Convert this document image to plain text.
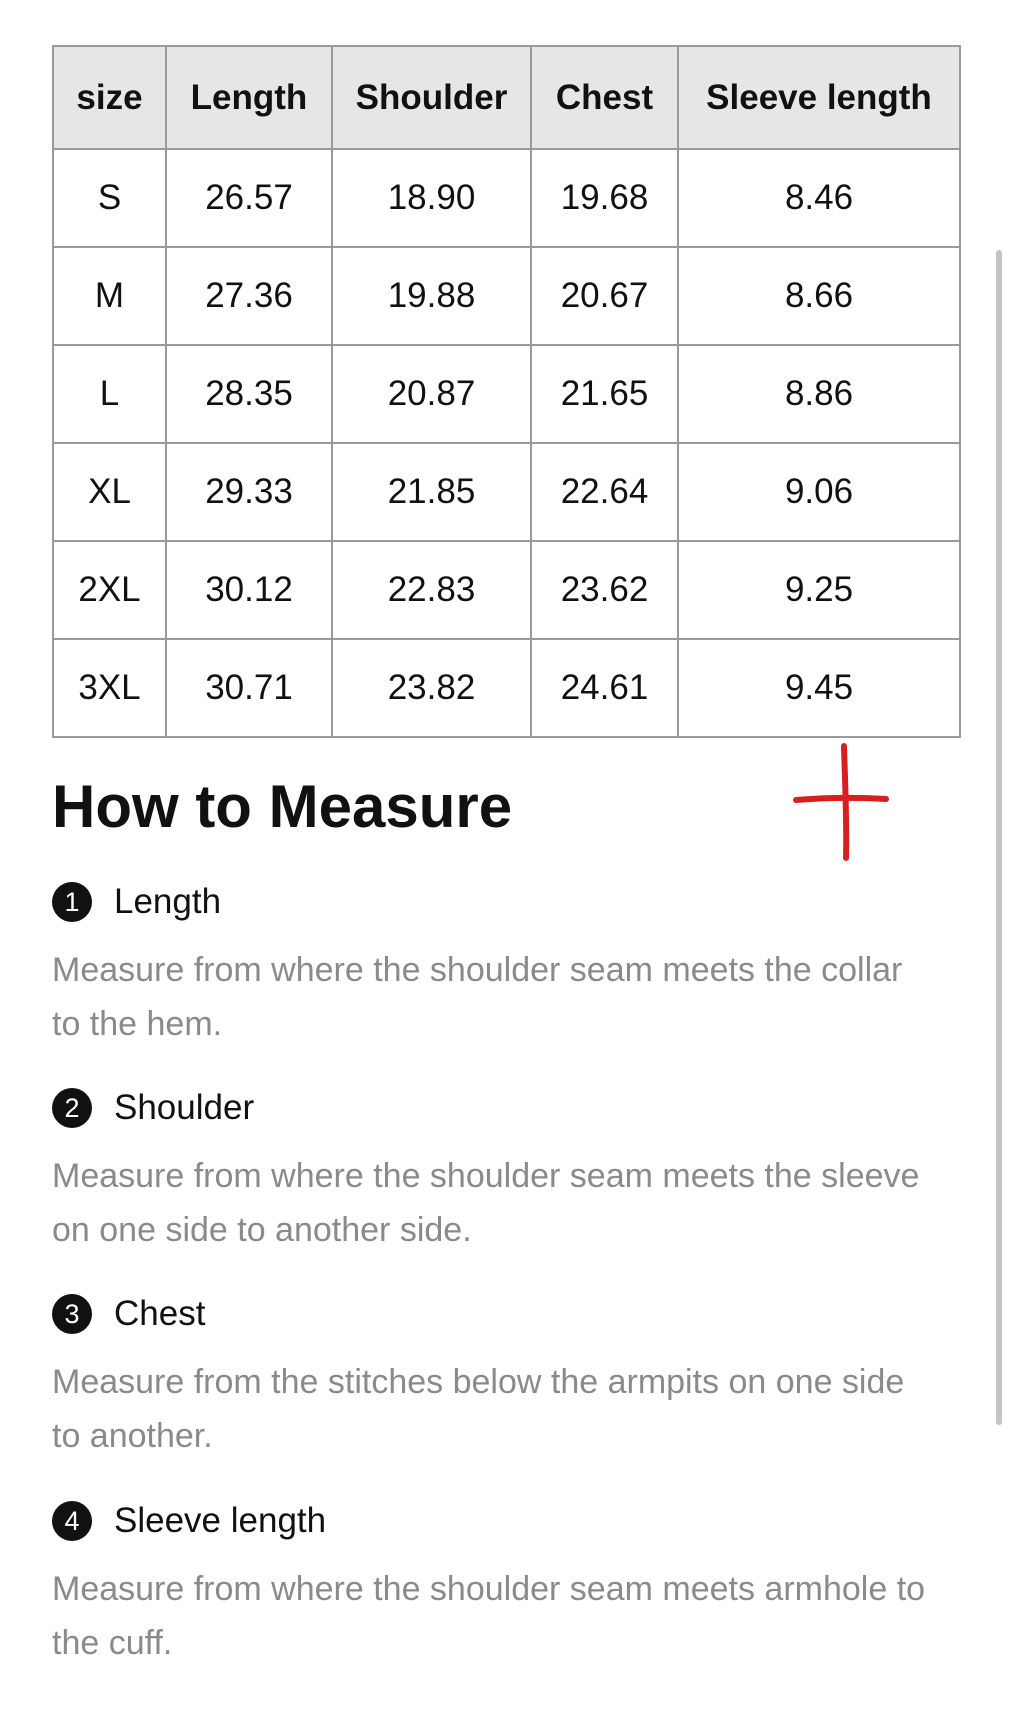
size	Length	Shoulder	Chest	Sleeve length
S	26.57	18.90	19.68	8.46
M	27.36	19.88	20.67	8.66
L	28.35	20.87	21.65	8.86
XL	29.33	21.85	22.64	9.06
2XL	30.12	22.83	23.62	9.25
3XL	30.71	23.82	24.61	9.45
How to Measure
1 Length
Measure from where the shoulder seam meets the collar to the hem.
2 Shoulder
Measure from where the shoulder seam meets the sleeve on one side to another side.
3 Chest
Measure from the stitches below the armpits on one side to another.
4 Sleeve length
Measure from where the shoulder seam meets armhole to the cuff.
